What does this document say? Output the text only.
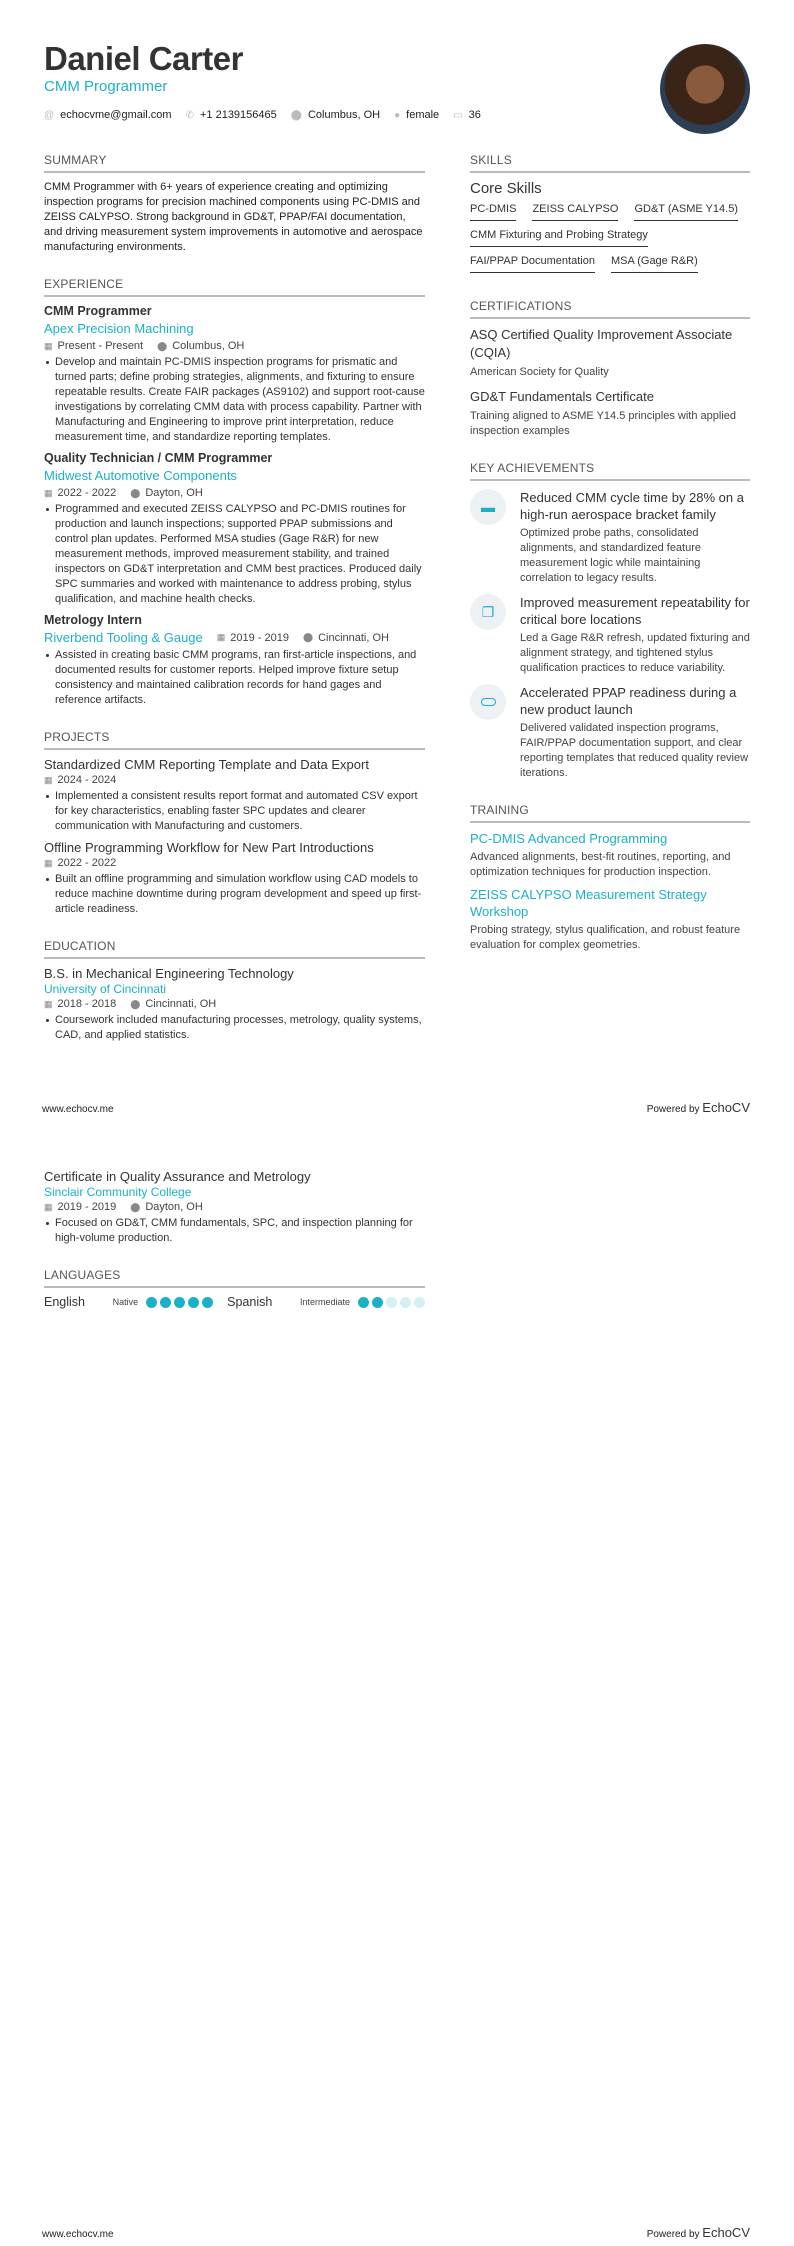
Daniel Carter
CMM Programmer
@ echocvme@gmail.com ✆ +1 2139156465 ⬤ Columbus, OH ● female ▭ 36
SUMMARY
CMM Programmer with 6+ years of experience creating and optimizing inspection programs for precision machined components using PC-DMIS and ZEISS CALYPSO. Strong background in GD&T, PPAP/FAI documentation, and driving measurement system improvements in automotive and aerospace manufacturing environments.
EXPERIENCE
CMM Programmer
Apex Precision Machining
▦ Present - Present ⬤ Columbus, OH
Develop and maintain PC-DMIS inspection programs for prismatic and turned parts; define probing strategies, alignments, and fixturing to ensure repeatable results. Create FAIR packages (AS9102) and support root-cause investigations by correlating CMM data with process capability. Partner with Manufacturing and Engineering to improve print interpretation, reduce measurement time, and standardize reporting templates.
Quality Technician / CMM Programmer
Midwest Automotive Components
▦ 2022 - 2022 ⬤ Dayton, OH
Programmed and executed ZEISS CALYPSO and PC-DMIS routines for production and launch inspections; supported PPAP submissions and control plan updates. Performed MSA studies (Gage R&R) for new measurement methods, improved measurement stability, and trained inspectors on GD&T interpretation and CMM best practices. Produced daily SPC summaries and worked with maintenance to address probing, stylus qualification, and machine health checks.
Metrology Intern
Riverbend Tooling & Gauge ▦ 2019 - 2019 ⬤ Cincinnati, OH
Assisted in creating basic CMM programs, ran first-article inspections, and documented results for customer reports. Helped improve fixture setup consistency and maintained calibration records for hand gages and reference artifacts.
PROJECTS
Standardized CMM Reporting Template and Data Export
▦ 2024 - 2024
Implemented a consistent results report format and automated CSV export for key characteristics, enabling faster SPC updates and clearer communication with Manufacturing and customers.
Offline Programming Workflow for New Part Introductions
▦ 2022 - 2022
Built an offline programming and simulation workflow using CAD models to reduce machine downtime during program development and speed up first-article readiness.
EDUCATION
B.S. in Mechanical Engineering Technology
University of Cincinnati
▦ 2018 - 2018 ⬤ Cincinnati, OH
Coursework included manufacturing processes, metrology, quality systems, CAD, and applied statistics.
SKILLS
Core Skills
PC-DMIS ZEISS CALYPSO GD&T (ASME Y14.5)
CMM Fixturing and Probing Strategy
FAI/PPAP Documentation MSA (Gage R&R)
CERTIFICATIONS
ASQ Certified Quality Improvement Associate (CQIA)
American Society for Quality
GD&T Fundamentals Certificate
Training aligned to ASME Y14.5 principles with applied inspection examples
KEY ACHIEVEMENTS
▬
Reduced CMM cycle time by 28% on a high-run aerospace bracket family
Optimized probe paths, consolidated alignments, and standardized feature measurement logic while maintaining correlation to legacy results.
❐
Improved measurement repeatability for critical bore locations
Led a Gage R&R refresh, updated fixturing and alignment strategy, and tightened stylus qualification practices to reduce variability.
Accelerated PPAP readiness during a new product launch
Delivered validated inspection programs, FAIR/PPAP documentation support, and clear reporting templates that reduced quality review iterations.
TRAINING
PC-DMIS Advanced Programming
Advanced alignments, best-fit routines, reporting, and optimization techniques for production inspection.
ZEISS CALYPSO Measurement Strategy Workshop
Probing strategy, stylus qualification, and robust feature evaluation for complex geometries.
www.echocv.me	Powered by EchoCV
Certificate in Quality Assurance and Metrology
Sinclair Community College
▦ 2019 - 2019 ⬤ Dayton, OH
Focused on GD&T, CMM fundamentals, SPC, and inspection planning for high-volume production.
LANGUAGES
English	Native	Spanish	Intermediate
www.echocv.me	Powered by EchoCV
